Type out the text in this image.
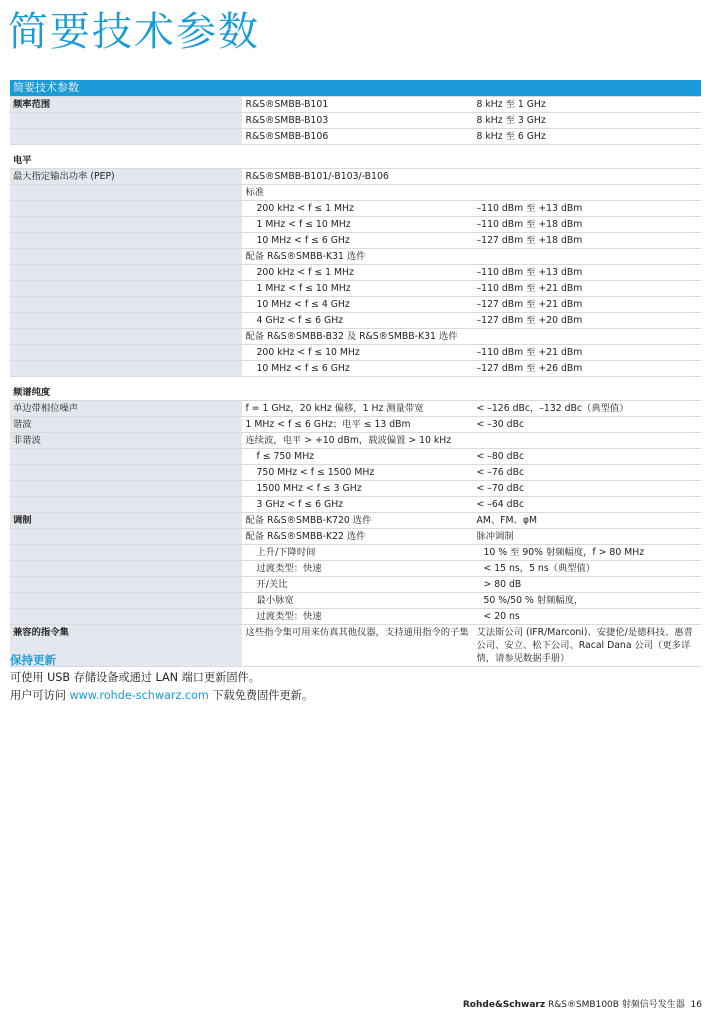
简要技术参数
简要技术参数		
频率范围	R&S®SMBB-B101	8 kHz 至 1 GHz
	R&S®SMBB-B103	8 kHz 至 3 GHz
	R&S®SMBB-B106	8 kHz 至 6 GHz

电平		
最大指定输出功率 (PEP)	R&S®SMBB-B101/-B103/-B106	
	标准	
	200 kHz < f ≤ 1 MHz	–110 dBm 至 +13 dBm
	1 MHz < f ≤ 10 MHz	–110 dBm 至 +18 dBm
	10 MHz < f ≤ 6 GHz	–127 dBm 至 +18 dBm
	配备 R&S®SMBB-K31 选件	
	200 kHz < f ≤ 1 MHz	–110 dBm 至 +13 dBm
	1 MHz < f ≤ 10 MHz	–110 dBm 至 +21 dBm
	10 MHz < f ≤ 4 GHz	–127 dBm 至 +21 dBm
	4 GHz < f ≤ 6 GHz	–127 dBm 至 +20 dBm
	配备 R&S®SMBB-B32 及 R&S®SMBB-K31 选件	
	200 kHz < f ≤ 10 MHz	–110 dBm 至 +21 dBm
	10 MHz < f ≤ 6 GHz	–127 dBm 至 +26 dBm

频谱纯度		
单边带相位噪声	f = 1 GHz，20 kHz 偏移，1 Hz 测量带宽	< –126 dBc，–132 dBc（典型值）
谐波	1 MHz < f ≤ 6 GHz；电平 ≤ 13 dBm	< –30 dBc
非谐波	连续波，电平 > +10 dBm，载波偏置 > 10 kHz	
	f ≤ 750 MHz	< –80 dBc
	750 MHz < f ≤ 1500 MHz	< –76 dBc
	1500 MHz < f ≤ 3 GHz	< –70 dBc
	3 GHz < f ≤ 6 GHz	< –64 dBc
调制	配备 R&S®SMBB-K720 选件	AM、FM、φM
	配备 R&S®SMBB-K22 选件	脉冲调制
	上升/下降时间	10 % 至 90% 射频幅度，f > 80 MHz
	过渡类型：快速	< 15 ns，5 ns（典型值）
	开/关比	> 80 dB
	最小脉宽	50 %/50 % 射频幅度，
	过渡类型：快速	< 20 ns
兼容的指令集	这些指令集可用来仿真其他仪器，支持通用指令的子集	艾法斯公司 (IFR/Marconi)、安捷伦/是德科技、惠普公司、安立、松下公司、Racal Dana 公司（更多详情，请参见数据手册）
保持更新
可使用 USB 存储设备或通过 LAN 端口更新固件。
用户可访问 www.rohde-schwarz.com 下载免费固件更新。
Rohde&Schwarz R&S®SMB100B 射频信号发生器 16
